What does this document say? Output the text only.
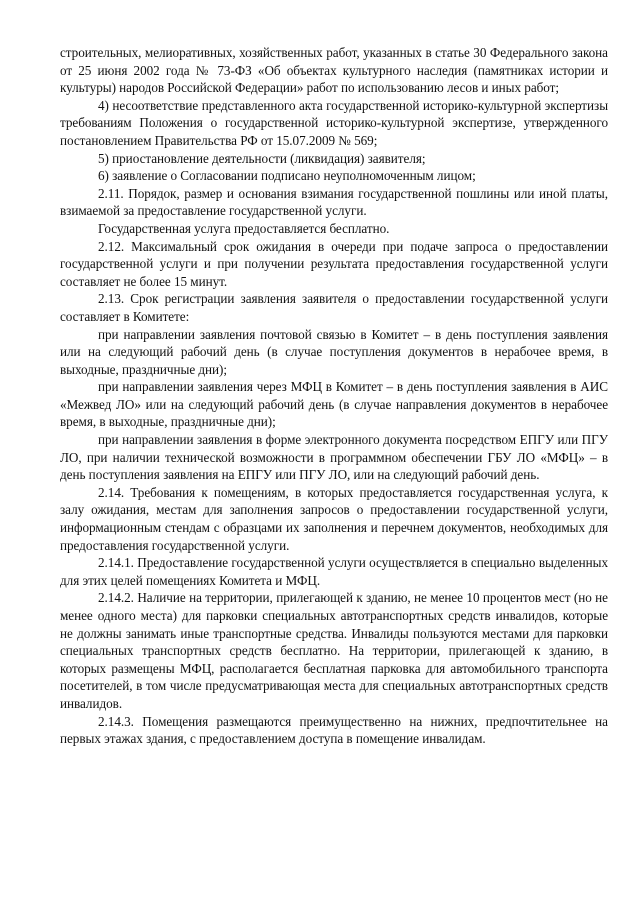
строительных, мелиоративных, хозяйственных работ, указанных в статье 30 Федерального закона от 25 июня 2002 года № 73-ФЗ «Об объектах культурного наследия (памятниках истории и культуры) народов Российской Федерации» работ по использованию лесов и иных работ;

4) несоответствие представленного акта государственной историко-культурной экспертизы требованиям Положения о государственной историко-культурной экспертизе, утвержденного постановлением Правительства РФ от 15.07.2009 № 569;

5) приостановление деятельности (ликвидация) заявителя;

6) заявление о Согласовании подписано неуполномоченным лицом;

2.11. Порядок, размер и основания взимания государственной пошлины или иной платы, взимаемой за предоставление государственной услуги.

Государственная услуга предоставляется бесплатно.

2.12. Максимальный срок ожидания в очереди при подаче запроса о предоставлении государственной услуги и при получении результата предоставления государственной услуги составляет не более 15 минут.

2.13. Срок регистрации заявления заявителя о предоставлении государственной услуги составляет в Комитете:

при направлении заявления почтовой связью в Комитет – в день поступления заявления или на следующий рабочий день (в случае поступления документов в нерабочее время, в выходные, праздничные дни);

при направлении заявления через МФЦ в Комитет – в день поступления заявления в АИС «Межвед ЛО» или на следующий рабочий день (в случае направления документов в нерабочее время, в выходные, праздничные дни);

при направлении заявления в форме электронного документа посредством ЕПГУ или ПГУ ЛО, при наличии технической возможности в программном обеспечении ГБУ ЛО «МФЦ» – в день поступления заявления на ЕПГУ или ПГУ ЛО, или на следующий рабочий день.

2.14. Требования к помещениям, в которых предоставляется государственная услуга, к залу ожидания, местам для заполнения запросов о предоставлении государственной услуги, информационным стендам с образцами их заполнения и перечнем документов, необходимых для предоставления государственной услуги.

2.14.1. Предоставление государственной услуги осуществляется в специально выделенных для этих целей помещениях Комитета и МФЦ.

2.14.2. Наличие на территории, прилегающей к зданию, не менее 10 процентов мест (но не менее одного места) для парковки специальных автотранспортных средств инвалидов, которые не должны занимать иные транспортные средства. Инвалиды пользуются местами для парковки специальных транспортных средств бесплатно. На территории, прилегающей к зданию, в которых размещены МФЦ, располагается бесплатная парковка для автомобильного транспорта посетителей, в том числе предусматривающая места для специальных автотранспортных средств инвалидов.

2.14.3. Помещения размещаются преимущественно на нижних, предпочтительнее на первых этажах здания, с предоставлением доступа в помещение инвалидам.
